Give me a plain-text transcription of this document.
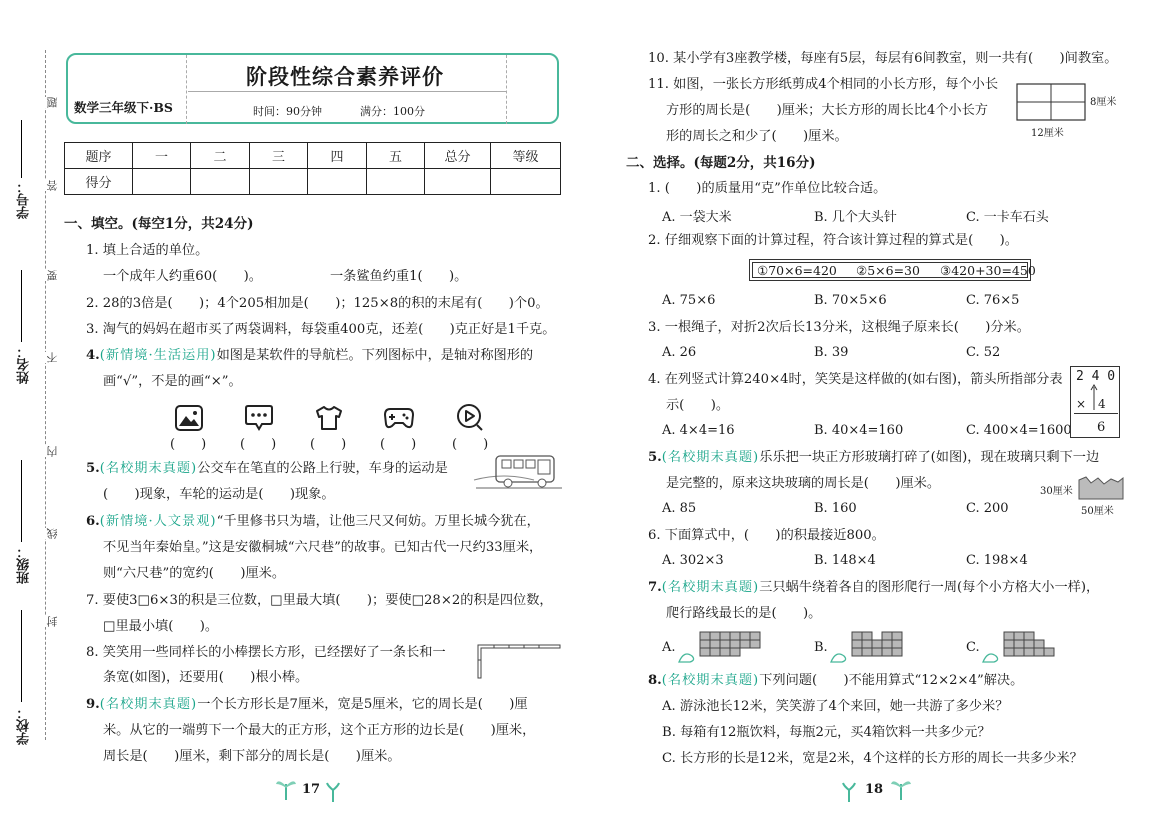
学号：
姓名：
班级：
学校：
题
答
要
不
内
线
封
阶段性综合素养评价
数学三年级下·BS	时间：90分钟	满分：100分
题序	一	二	三	四	五	总分	等级
得分							
一、填空。(每空1分，共24分)
1. 填上合适的单位。
一个成年人约重60(　　)。	一条鲨鱼约重1(　　)。
2. 28的3倍是(　　)；4个205相加是(　　)；125×8的积的末尾有(　　)个0。
3. 淘气的妈妈在超市买了两袋调料，每袋重400克，还差(　　)克正好是1千克。
4.(新情境·生活运用)如图是某软件的导航栏。下列图标中，是轴对称图形的
画“√”，不是的画“×”。
(　　)	(　　)	(　　)	(　　)	(　　)
5.(名校期末真题)公交车在笔直的公路上行驶，车身的运动是
(　　)现象，车轮的运动是(　　)现象。
6.(新情境·人文景观)“千里修书只为墙，让他三尺又何妨。万里长城今犹在，
不见当年秦始皇。”这是安徽桐城“六尺巷”的故事。已知古代一尺约33厘米，
则“六尺巷”的宽约(　　)厘米。
7. 要使3□6×3的积是三位数，□里最大填(　　)；要使□28×2的积是四位数，
□里最小填(　　)。
8. 笑笑用一些同样长的小棒摆长方形，已经摆好了一条长和一
条宽(如图)，还要用(　　)根小棒。
9.(名校期末真题)一个长方形长是7厘米，宽是5厘米，它的周长是(　　)厘
米。从它的一端剪下一个最大的正方形，这个正方形的边长是(　　)厘米，
周长是(　　)厘米，剩下部分的周长是(　　)厘米。
17
10. 某小学有3座教学楼，每座有5层，每层有6间教室，则一共有(　　)间教室。
11. 如图，一张长方形纸剪成4个相同的小长方形，每个小长
方形的周长是(　　)厘米；大长方形的周长比4个小长方
形的周长之和少了(　　)厘米。
8厘米
12厘米
二、选择。(每题2分，共16分)
1. (　　)的质量用“克”作单位比较合适。
A. 一袋大米	B. 几个大头针	C. 一卡车石头
2. 仔细观察下面的计算过程，符合该计算过程的算式是(　　)。
①70×6=420 ②5×6=30 ③420+30=450
A. 75×6	B. 70×5×6	C. 76×5
3. 一根绳子，对折2次后长13分米，这根绳子原来长(　　)分米。
A. 26	B. 39	C. 52
4. 在列竖式计算240×4时，笑笑是这样做的(如右图)，箭头所指部分表
示(　　)。
A. 4×4=16	B. 40×4=160	C. 400×4=1600
2 4 0
×　4
6
5.(名校期末真题)乐乐把一块正方形玻璃打碎了(如图)，现在玻璃只剩下一边
是完整的，原来这块玻璃的周长是(　　)厘米。
A. 85	B. 160	C. 200
30厘米
50厘米
6. 下面算式中，(　　)的积最接近800。
A. 302×3	B. 148×4	C. 198×4
7.(名校期末真题)三只蜗牛绕着各自的图形爬行一周(每个小方格大小一样)，
爬行路线最长的是(　　)。
A.	B.	C.
8.(名校期末真题)下列问题(　　)不能用算式“12×2×4”解决。
A. 游泳池长12米，笑笑游了4个来回，她一共游了多少米？
B. 每箱有12瓶饮料，每瓶2元，买4箱饮料一共多少元？
C. 长方形的长是12米，宽是2米，4个这样的长方形的周长一共多少米？
18
